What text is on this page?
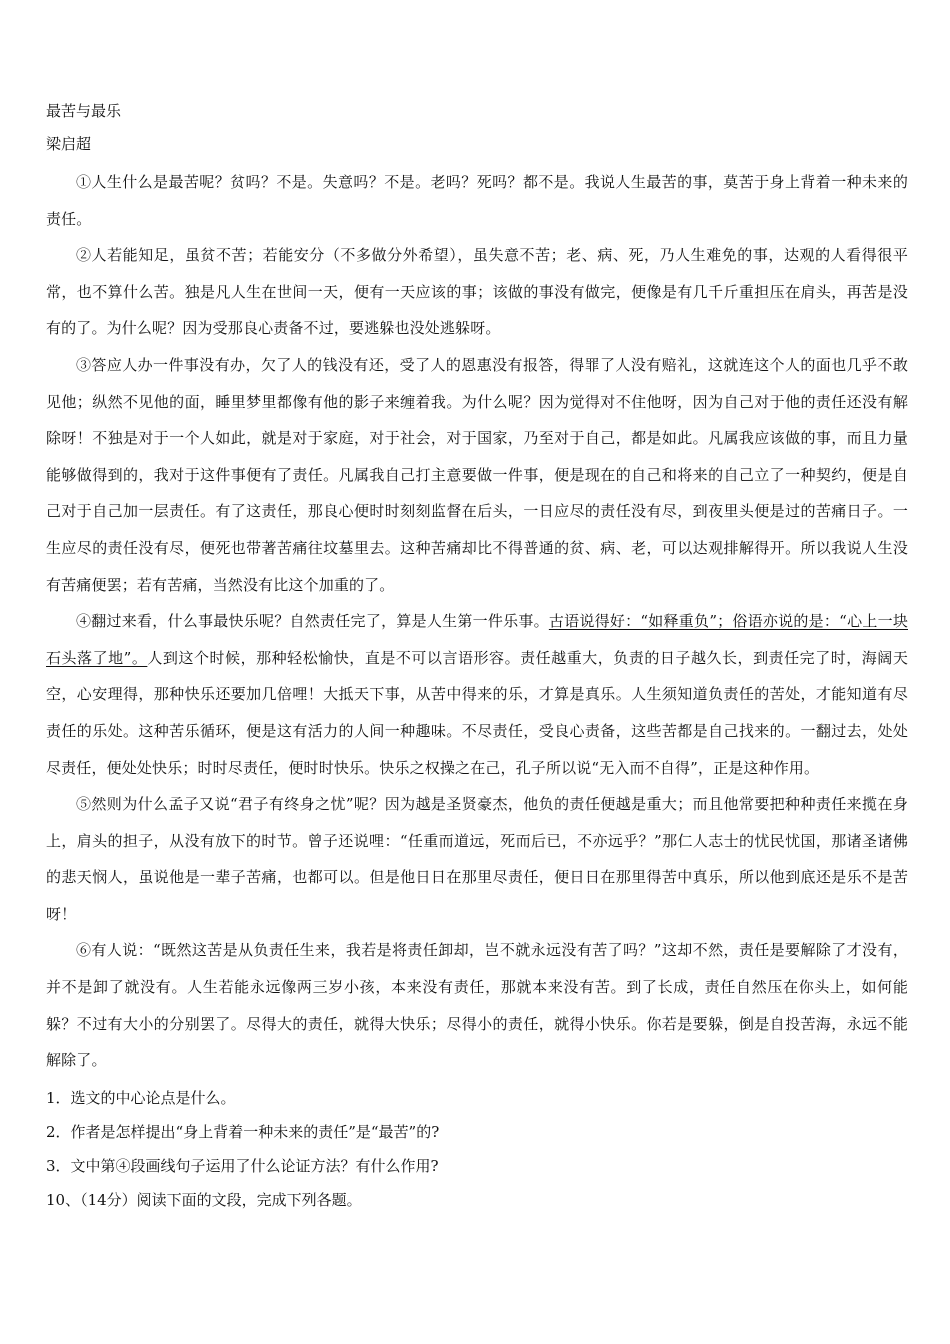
最苦与最乐
梁启超

①人生什么是最苦呢？贫吗？不是。失意吗？不是。老吗？死吗？都不是。我说人生最苦的事，莫苦于身上背着一种未来的责任。

②人若能知足，虽贫不苦；若能安分（不多做分外希望），虽失意不苦；老、病、死，乃人生难免的事，达观的人看得很平常，也不算什么苦。独是凡人生在世间一天，便有一天应该的事；该做的事没有做完，便像是有几千斤重担压在肩头，再苦是没有的了。为什么呢？因为受那良心责备不过，要逃躲也没处逃躲呀。

③答应人办一件事没有办，欠了人的钱没有还，受了人的恩惠没有报答，得罪了人没有赔礼，这就连这个人的面也几乎不敢见他；纵然不见他的面，睡里梦里都像有他的影子来缠着我。为什么呢？因为觉得对不住他呀，因为自己对于他的责任还没有解除呀！不独是对于一个人如此，就是对于家庭，对于社会，对于国家，乃至对于自己，都是如此。凡属我应该做的事，而且力量能够做得到的，我对于这件事便有了责任。凡属我自己打主意要做一件事，便是现在的自己和将来的自己立了一种契约，便是自己对于自己加一层责任。有了这责任，那良心便时时刻刻监督在后头，一日应尽的责任没有尽，到夜里头便是过的苦痛日子。一生应尽的责任没有尽，便死也带著苦痛往坟墓里去。这种苦痛却比不得普通的贫、病、老，可以达观排解得开。所以我说人生没有苦痛便罢；若有苦痛，当然没有比这个加重的了。

④翻过来看，什么事最快乐呢？自然责任完了，算是人生第一件乐事。古语说得好：“如释重负”；俗语亦说的是：“心上一块石头落了地”。人到这个时候，那种轻松愉快，直是不可以言语形容。责任越重大，负责的日子越久长，到责任完了时，海阔天空，心安理得，那种快乐还要加几倍哩！大抵天下事，从苦中得来的乐，才算是真乐。人生须知道负责任的苦处，才能知道有尽责任的乐处。这种苦乐循环，便是这有活力的人间一种趣味。不尽责任，受良心责备，这些苦都是自己找来的。一翻过去，处处尽责任，便处处快乐；时时尽责任，便时时快乐。快乐之权操之在己，孔子所以说“无入而不自得”，正是这种作用。

⑤然则为什么孟子又说“君子有终身之忧”呢？因为越是圣贤豪杰，他负的责任便越是重大；而且他常要把种种责任来揽在身上，肩头的担子，从没有放下的时节。曾子还说哩：“任重而道远，死而后已，不亦远乎？”那仁人志士的忧民忧国，那诸圣诸佛的悲天悯人，虽说他是一辈子苦痛，也都可以。但是他日日在那里尽责任，便日日在那里得苦中真乐，所以他到底还是乐不是苦呀！

⑥有人说：“既然这苦是从负责任生来，我若是将责任卸却，岂不就永远没有苦了吗？”这却不然，责任是要解除了才没有，并不是卸了就没有。人生若能永远像两三岁小孩，本来没有责任，那就本来没有苦。到了长成，责任自然压在你头上，如何能躲？不过有大小的分别罢了。尽得大的责任，就得大快乐；尽得小的责任，就得小快乐。你若是要躲，倒是自投苦海，永远不能解除了。

1．选文的中心论点是什么。

2．作者是怎样提出“身上背着一种未来的责任”是“最苦”的?

3．文中第④段画线句子运用了什么论证方法？有什么作用?

10、（14分）阅读下面的文段，完成下列各题。
